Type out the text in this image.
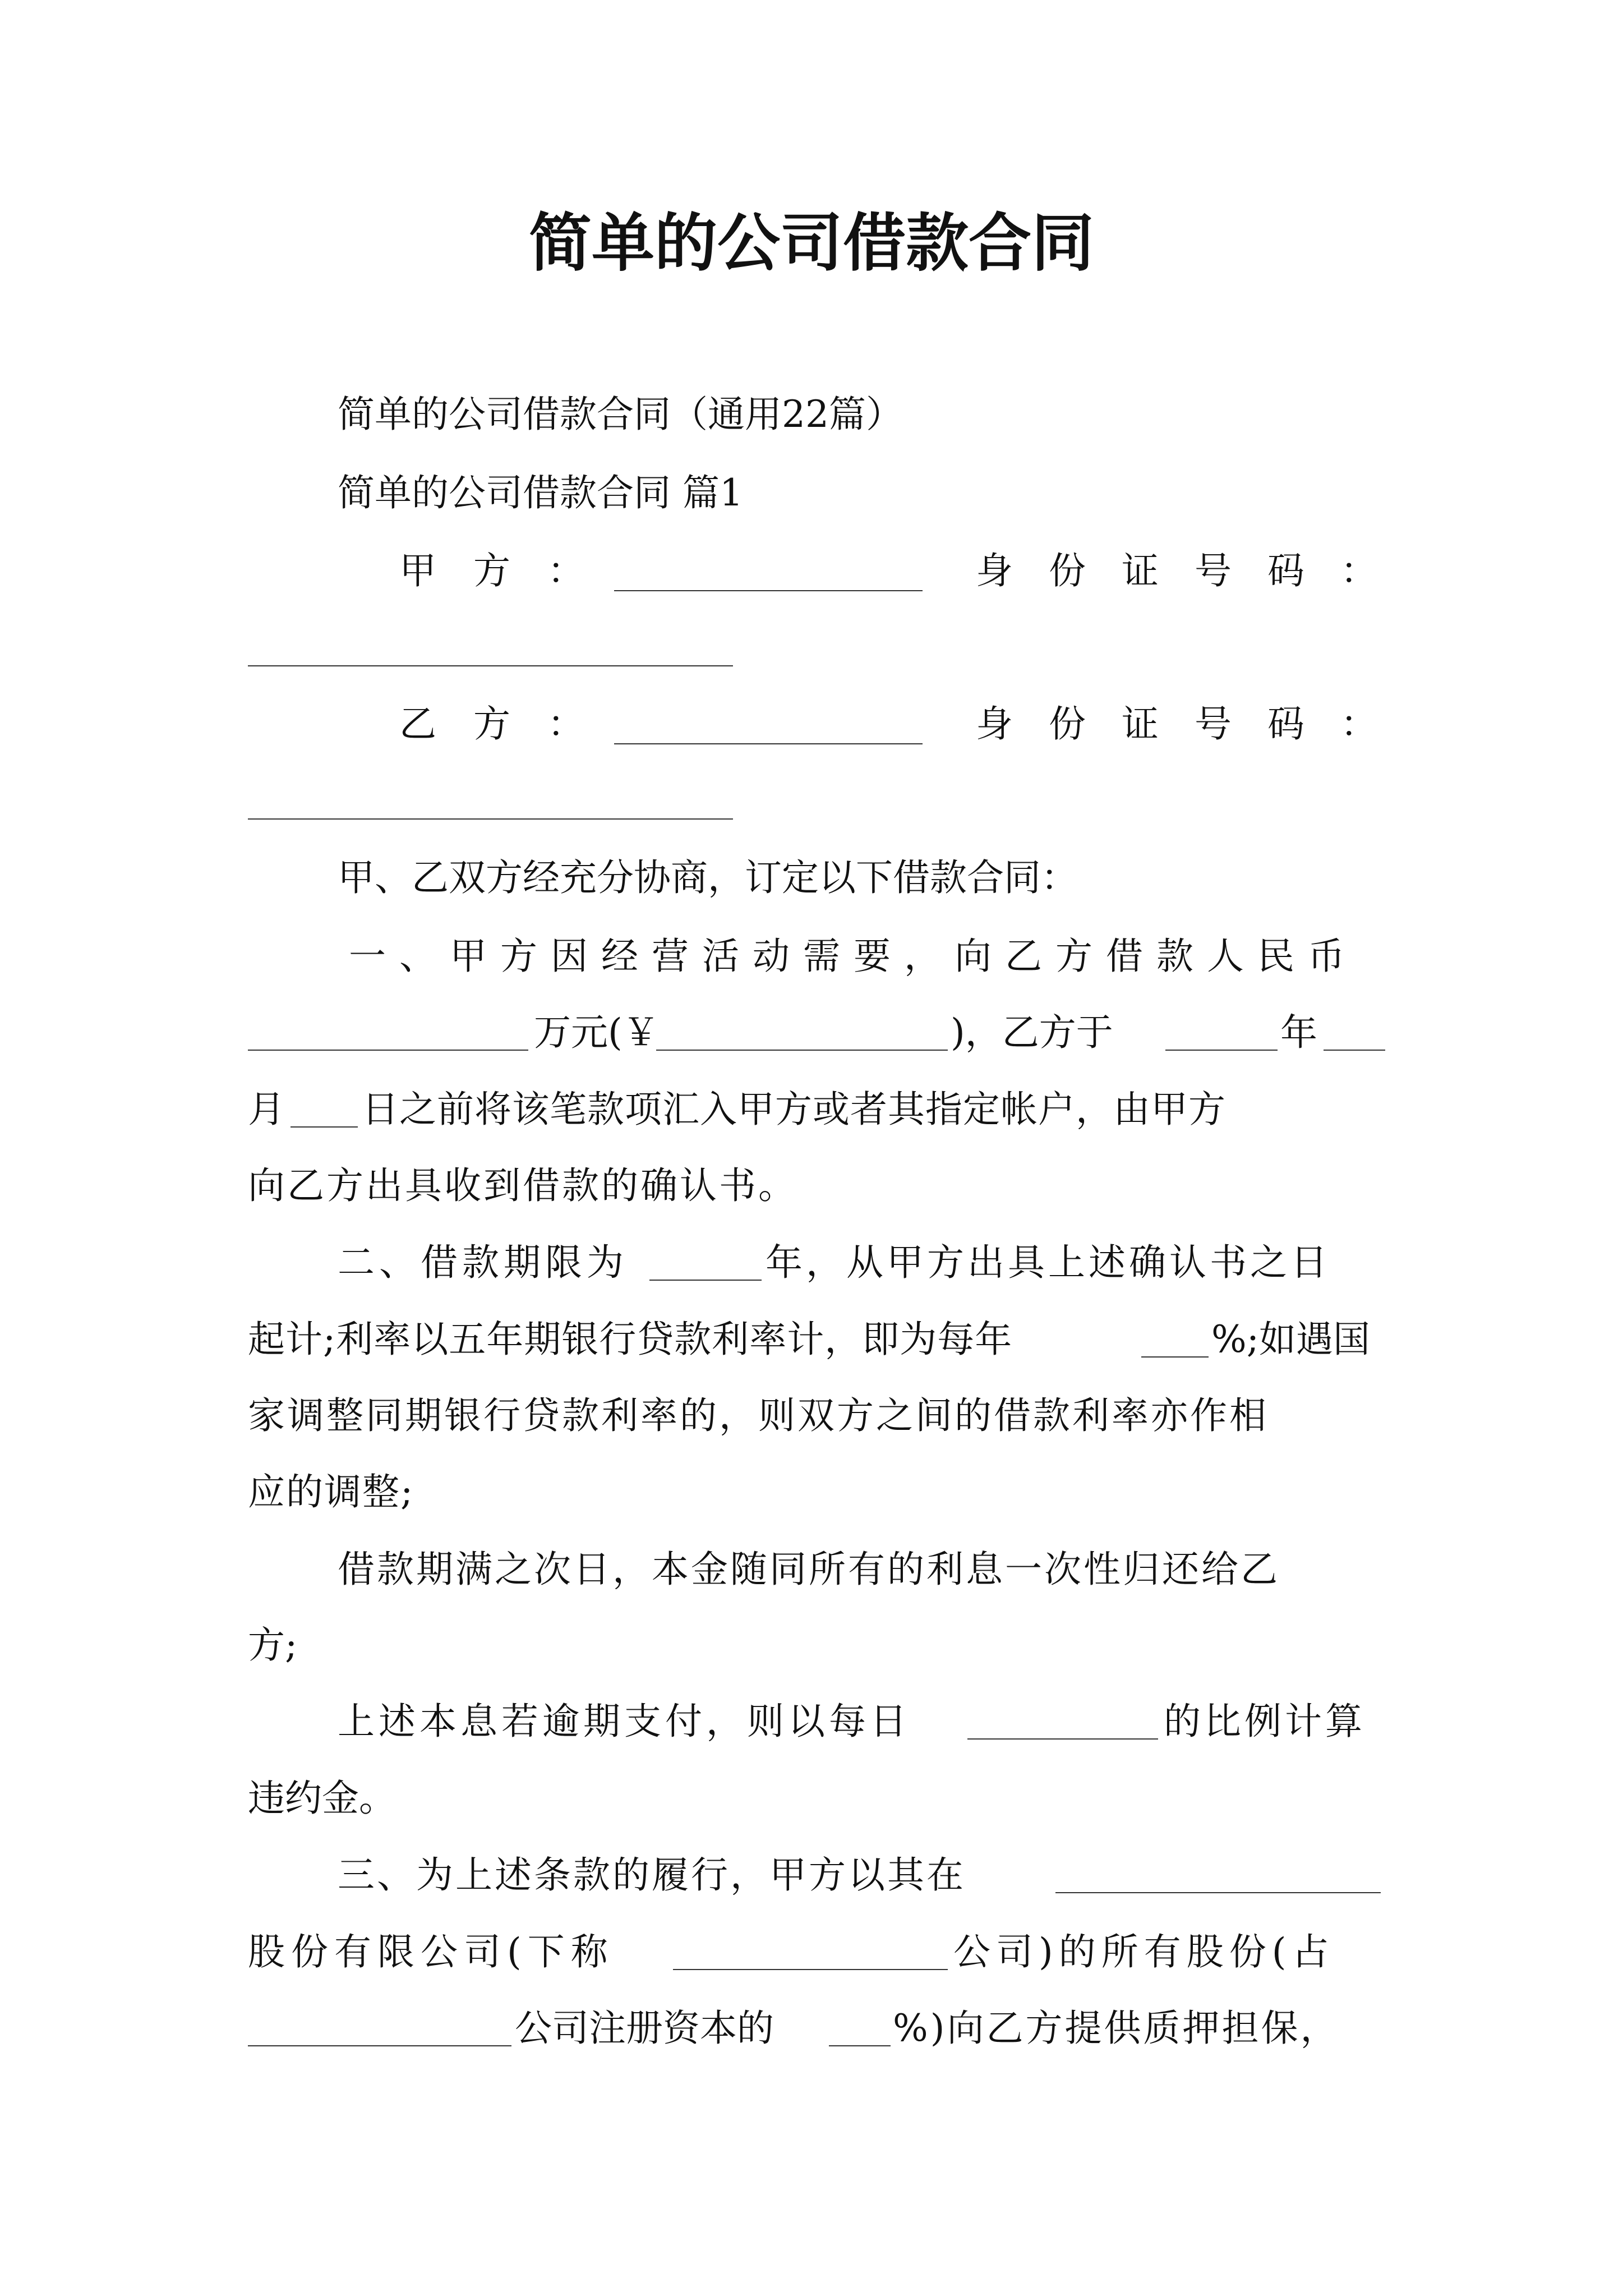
简单的公司借款合同
简单的公司借款合同（通用22篇）
简单的公司借款合同 篇1
甲方：	身份证号码：
乙方：	身份证号码：
甲、乙双方经充分协商，订定以下借款合同：
一、甲方因经营活动需要，向乙方借款人民币
万元(￥	)，乙方于	年
月 日之前将该笔款项汇入甲方或者其指定帐户，由甲方
向乙方出具收到借款的确认书。
二、借款期限为	年，从甲方出具上述确认书之日
起计;利率以五年期银行贷款利率计，即为每年	%;如遇国
家调整同期银行贷款利率的，则双方之间的借款利率亦作相
应的调整;
借款期满之次日，本金随同所有的利息一次性归还给乙
方;
上述本息若逾期支付，则以每日	的比例计算
违约金。
三、为上述条款的履行，甲方以其在
股份有限公司(下称	公司)的所有股份(占
公司注册资本的	%)向乙方提供质押担保，
